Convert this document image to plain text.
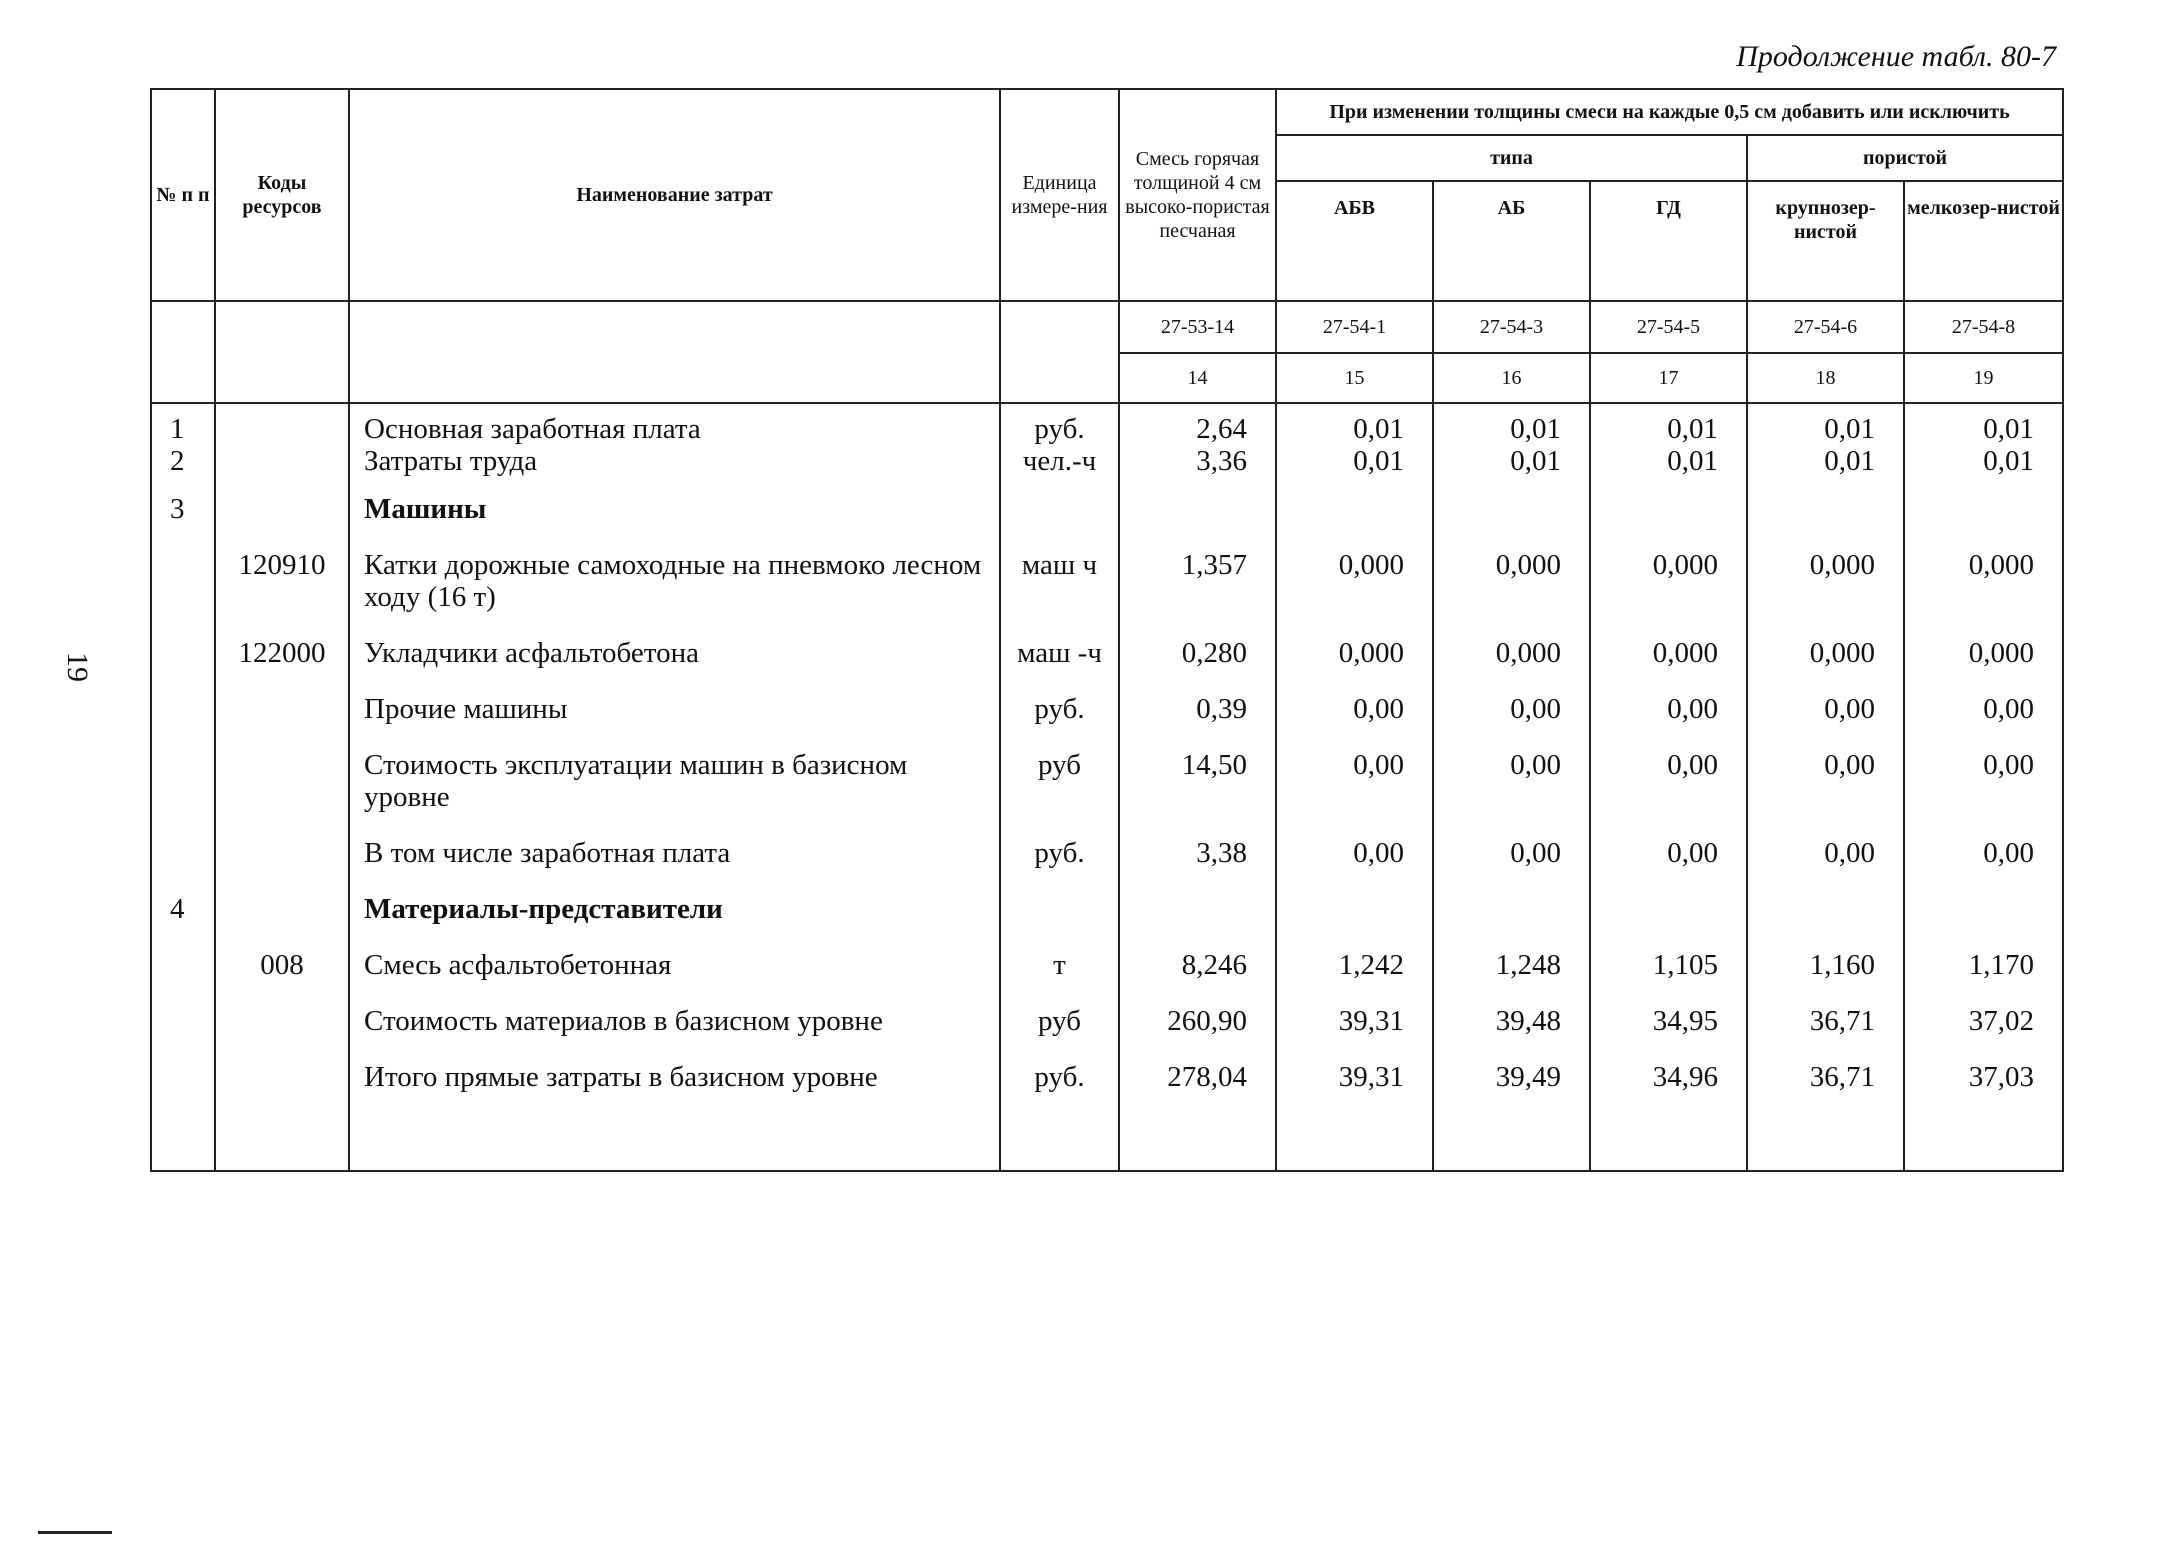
Продолжение табл. 80-7
19
№ п п	Коды ресурсов	Наименование затрат	Единица измере-ния	Смесь горячая толщиной 4 см высоко-пористая песчаная	При изменении толщины смеси на каждые 0,5 см добавить или исключить				
					типа			пористой	
					АБВ	АБ	ГД	крупнозер-нистой	мелкозер-нистой
				27-53-14	27-54-1	27-54-3	27-54-5	27-54-6	27-54-8
				14	15	16	17	18	19
1		Основная заработная плата	руб.	2,64	0,01	0,01	0,01	0,01	0,01
2		Затраты труда	чел.-ч	3,36	0,01	0,01	0,01	0,01	0,01
3		Машины							
	120910	Катки дорожные самоходные на пневмоко лесном ходу (16 т)	маш ч	1,357	0,000	0,000	0,000	0,000	0,000
	122000	Укладчики асфальтобетона	маш -ч	0,280	0,000	0,000	0,000	0,000	0,000
		Прочие машины	руб.	0,39	0,00	0,00	0,00	0,00	0,00
		Стоимость эксплуатации машин в базисном уровне	руб	14,50	0,00	0,00	0,00	0,00	0,00
		В том числе заработная плата	руб.	3,38	0,00	0,00	0,00	0,00	0,00
4		Материалы-представители							
	008	Смесь асфальтобетонная	т	8,246	1,242	1,248	1,105	1,160	1,170
		Стоимость материалов в базисном уровне	руб	260,90	39,31	39,48	34,95	36,71	37,02
		Итого прямые затраты в базисном уровне	руб.	278,04	39,31	39,49	34,96	36,71	37,03
